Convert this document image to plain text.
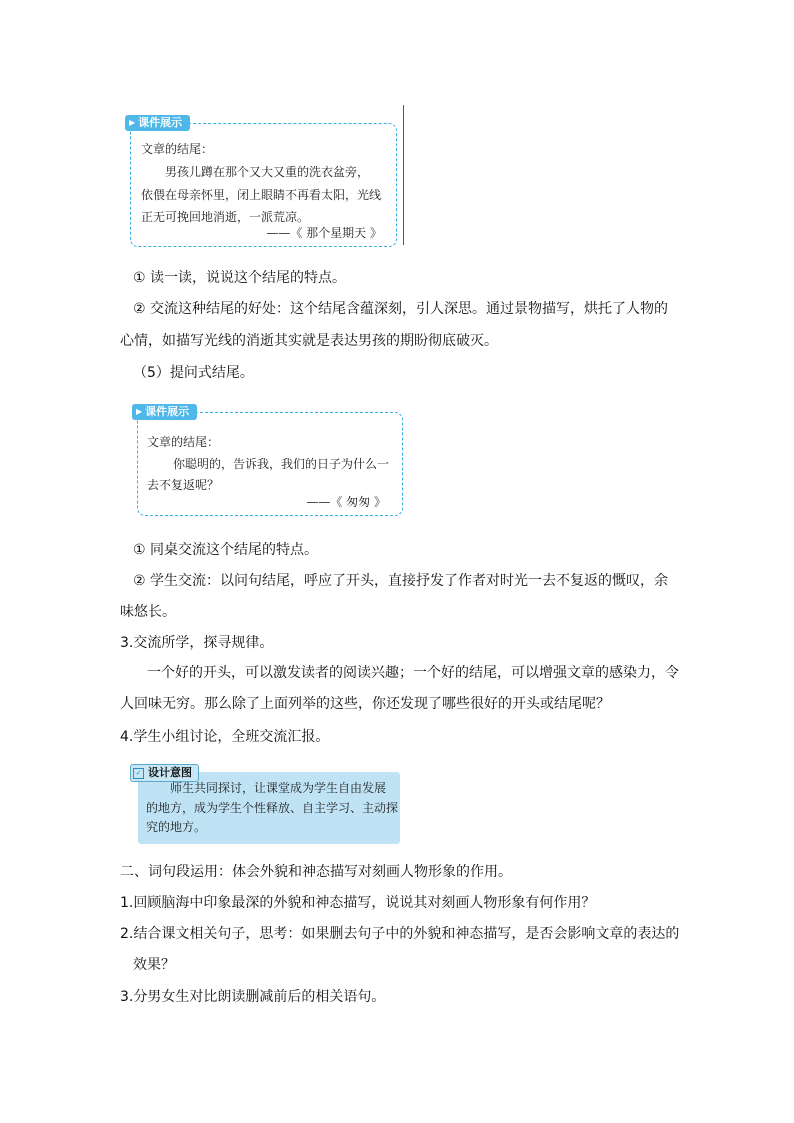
▶ 课件展示

文章的结尾：

男孩儿蹲在那个又大又重的洗衣盆旁，

依偎在母亲怀里，闭上眼睛不再看太阳，光线

正无可挽回地消逝，一派荒凉。

——《 那个星期天 》

① 读一读，说说这个结尾的特点。

② 交流这种结尾的好处：这个结尾含蕴深刻，引人深思。通过景物描写，烘托了人物的

心情，如描写光线的消逝其实就是表达男孩的期盼彻底破灭。

（5）提问式结尾。

▶ 课件展示

文章的结尾：

你聪明的，告诉我，我们的日子为什么一

去不复返呢？

——《 匆匆 》

① 同桌交流这个结尾的特点。

② 学生交流：以问句结尾，呼应了开头，直接抒发了作者对时光一去不复返的慨叹，余

味悠长。

3.交流所学，探寻规律。

一个好的开头，可以激发读者的阅读兴趣；一个好的结尾，可以增强文章的感染力，令

人回味无穷。那么除了上面列举的这些，你还发现了哪些很好的开头或结尾呢？

4.学生小组讨论，全班交流汇报。

✓ 设计意图

师生共同探讨，让课堂成为学生自由发展

的地方，成为学生个性释放、自主学习、主动探

究的地方。

二、词句段运用：体会外貌和神态描写对刻画人物形象的作用。

1.回顾脑海中印象最深的外貌和神态描写，说说其对刻画人物形象有何作用？

2.结合课文相关句子，思考：如果删去句子中的外貌和神态描写，是否会影响文章的表达的

效果？

3.分男女生对比朗读删减前后的相关语句。
